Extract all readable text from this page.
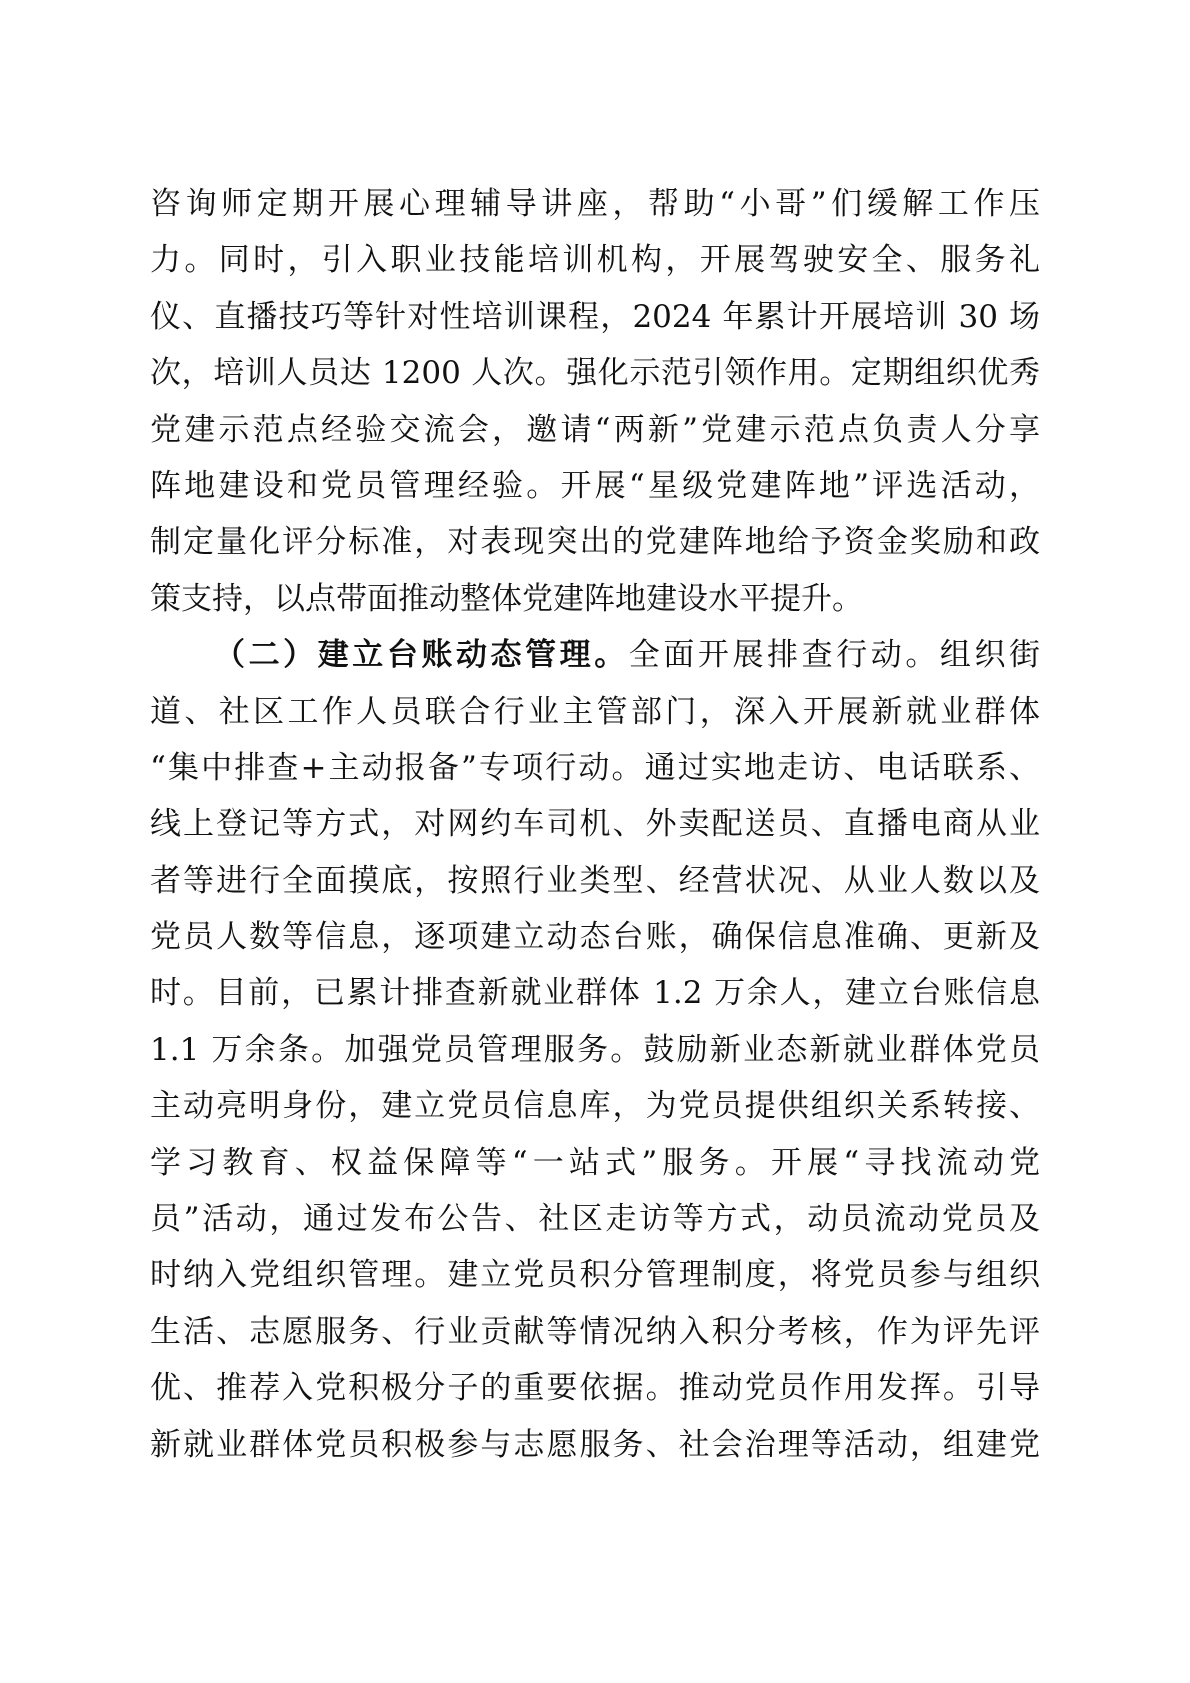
咨询师定期开展心理辅导讲座，帮助“小哥”们缓解工作压
力。同时，引入职业技能培训机构，开展驾驶安全、服务礼
仪、直播技巧等针对性培训课程，2024 年累计开展培训 30 场
次，培训人员达 1200 人次。强化示范引领作用。定期组织优秀
党建示范点经验交流会，邀请“两新”党建示范点负责人分享
阵地建设和党员管理经验。开展“星级党建阵地”评选活动，
制定量化评分标准，对表现突出的党建阵地给予资金奖励和政
策支持，以点带面推动整体党建阵地建设水平提升。
（二）建立台账动态管理。全面开展排查行动。组织街
道、社区工作人员联合行业主管部门，深入开展新就业群体
“集中排查+主动报备”专项行动。通过实地走访、电话联系、
线上登记等方式，对网约车司机、外卖配送员、直播电商从业
者等进行全面摸底，按照行业类型、经营状况、从业人数以及
党员人数等信息，逐项建立动态台账，确保信息准确、更新及
时。目前，已累计排查新就业群体 1.2 万余人，建立台账信息
1.1 万余条。加强党员管理服务。鼓励新业态新就业群体党员
主动亮明身份，建立党员信息库，为党员提供组织关系转接、
学习教育、权益保障等“一站式”服务。开展“寻找流动党
员”活动，通过发布公告、社区走访等方式，动员流动党员及
时纳入党组织管理。建立党员积分管理制度，将党员参与组织
生活、志愿服务、行业贡献等情况纳入积分考核，作为评先评
优、推荐入党积极分子的重要依据。推动党员作用发挥。引导
新就业群体党员积极参与志愿服务、社会治理等活动，组建党
